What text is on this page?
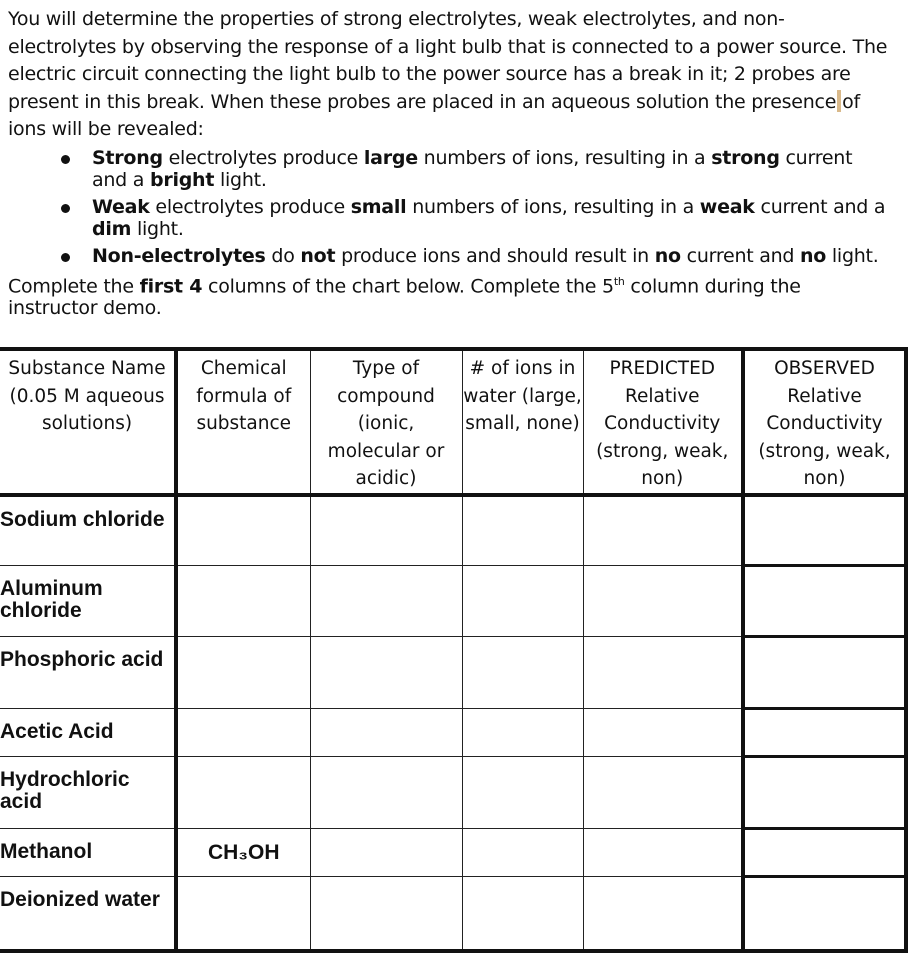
You will determine the properties of strong electrolytes, weak electrolytes, and non-electrolytes by observing the response of a light bulb that is connected to a power source. The electric circuit connecting the light bulb to the power source has a break in it; 2 probes are present in this break. When these probes are placed in an aqueous solution the presence of ions will be revealed:

Strong electrolytes produce large numbers of ions, resulting in a strong current and a bright light.
Weak electrolytes produce small numbers of ions, resulting in a weak current and a dim light.
Non-electrolytes do not produce ions and should result in no current and no light.

Complete the first 4 columns of the chart below. Complete the 5th column during the instructor demo.

Substance Name (0.05 M aqueous solutions)	Chemical formula of substance	Type of compound (ionic, molecular or acidic)	# of ions in water (large, small, none)	PREDICTED Relative Conductivity (strong, weak, non)	OBSERVED Relative Conductivity (strong, weak, non)
Sodium chloride					
Aluminum chloride					
Phosphoric acid					
Acetic Acid					
Hydrochloric acid					
Methanol	CH₃OH				
Deionized water					
